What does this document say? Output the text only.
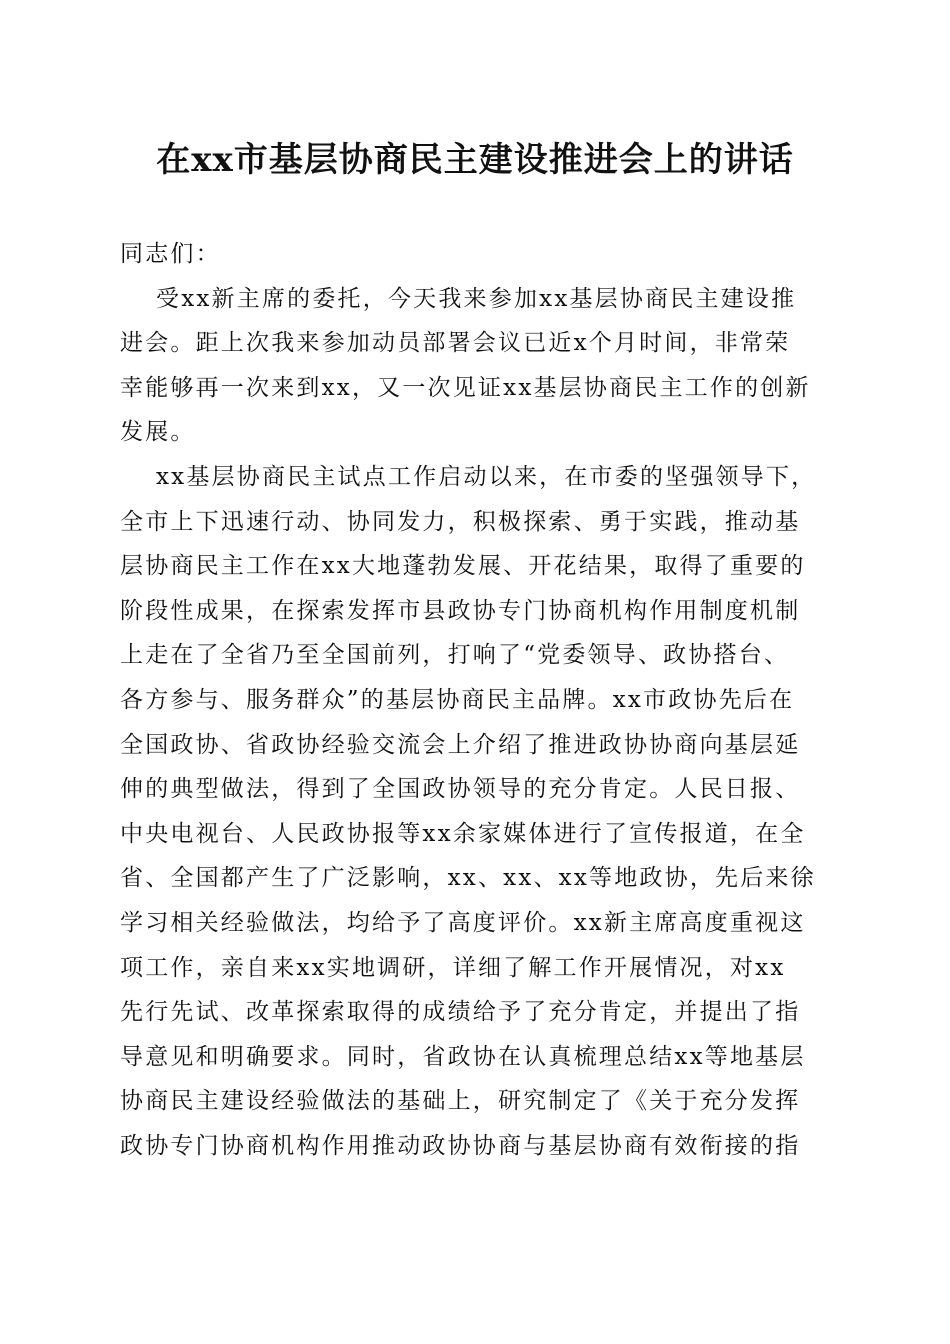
在xx市基层协商民主建设推进会上的讲话

同志们：

受xx新主席的委托，今天我来参加xx基层协商民主建设推
进会。距上次我来参加动员部署会议已近x个月时间，非常荣
幸能够再一次来到xx，又一次见证xx基层协商民主工作的创新
发展。

xx基层协商民主试点工作启动以来，在市委的坚强领导下，
全市上下迅速行动、协同发力，积极探索、勇于实践，推动基
层协商民主工作在xx大地蓬勃发展、开花结果，取得了重要的
阶段性成果，在探索发挥市县政协专门协商机构作用制度机制
上走在了全省乃至全国前列，打响了“党委领导、政协搭台、
各方参与、服务群众”的基层协商民主品牌。xx市政协先后在
全国政协、省政协经验交流会上介绍了推进政协协商向基层延
伸的典型做法，得到了全国政协领导的充分肯定。人民日报、
中央电视台、人民政协报等xx余家媒体进行了宣传报道，在全
省、全国都产生了广泛影响，xx、xx、xx等地政协，先后来徐
学习相关经验做法，均给予了高度评价。xx新主席高度重视这
项工作，亲自来xx实地调研，详细了解工作开展情况，对xx
先行先试、改革探索取得的成绩给予了充分肯定，并提出了指
导意见和明确要求。同时，省政协在认真梳理总结xx等地基层
协商民主建设经验做法的基础上，研究制定了《关于充分发挥
政协专门协商机构作用推动政协协商与基层协商有效衔接的指
